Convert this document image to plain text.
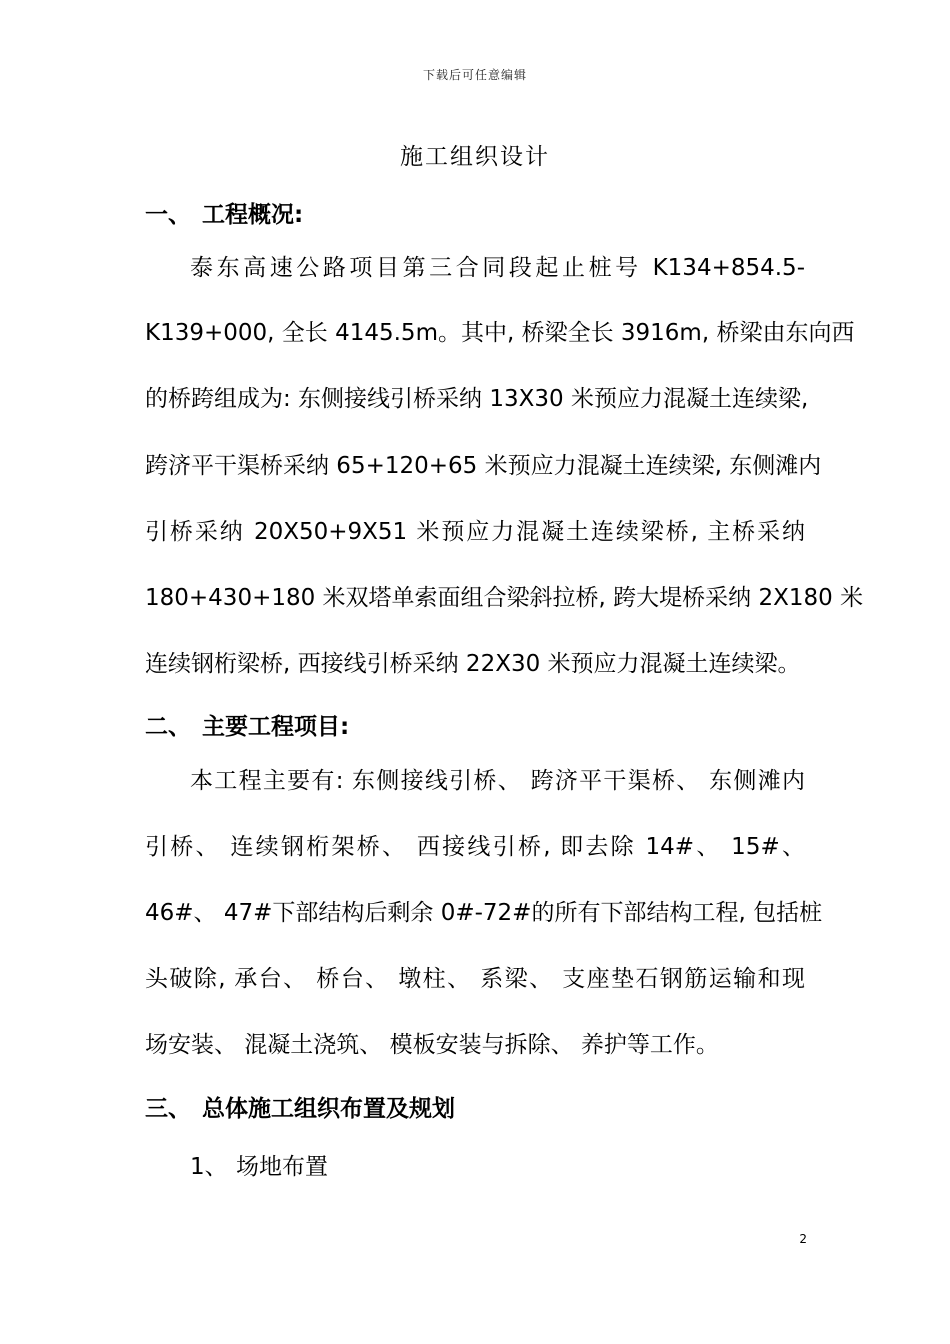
下载后可任意编辑
施工组织设计
一、 工程概况:
泰东高速公路项目第三合同段起止桩号 K134+854.5-
K139+000, 全长 4145.5m。其中, 桥梁全长 3916m, 桥梁由东向西
的桥跨组成为: 东侧接线引桥采纳 13X30 米预应力混凝土连续梁,
跨济平干渠桥采纳 65+120+65 米预应力混凝土连续梁, 东侧滩内
引桥采纳 20X50+9X51 米预应力混凝土连续梁桥, 主桥采纳
180+430+180 米双塔单索面组合梁斜拉桥, 跨大堤桥采纳 2X180 米
连续钢桁梁桥, 西接线引桥采纳 22X30 米预应力混凝土连续梁。
二、 主要工程项目:
本工程主要有: 东侧接线引桥、 跨济平干渠桥、 东侧滩内
引桥、 连续钢桁架桥、 西接线引桥, 即去除 14#、 15#、
46#、 47#下部结构后剩余 0#-72#的所有下部结构工程, 包括桩
头破除, 承台、 桥台、 墩柱、 系梁、 支座垫石钢筋运输和现
场安装、 混凝土浇筑、 模板安装与拆除、 养护等工作。
三、 总体施工组织布置及规划
1、 场地布置
2
